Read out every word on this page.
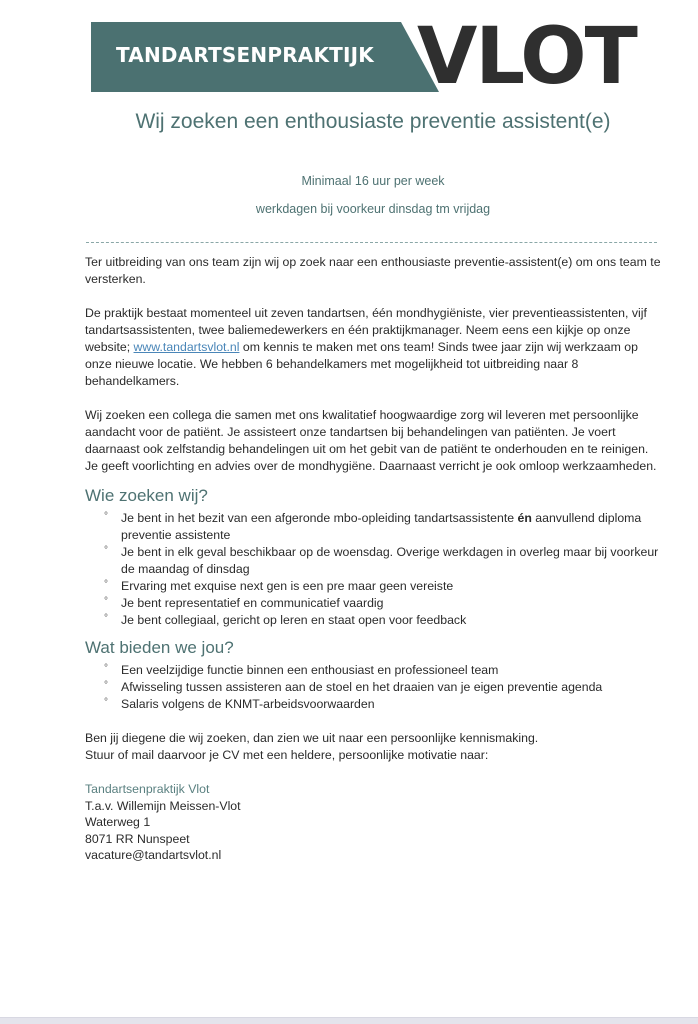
TANDARTSENPRAKTIJK VLOT
Wij zoeken een enthousiaste preventie assistent(e)
Minimaal 16 uur per week
werkdagen bij voorkeur dinsdag tm vrijdag

Ter uitbreiding van ons team zijn wij op zoek naar een enthousiaste preventie-assistent(e) om ons team te versterken.

De praktijk bestaat momenteel uit zeven tandartsen, één mondhygiëniste, vier preventieassistenten, vijf tandartsassistenten, twee baliemedewerkers en één praktijkmanager. Neem eens een kijkje op onze website; www.tandartsvlot.nl om kennis te maken met ons team! Sinds twee jaar zijn wij werkzaam op onze nieuwe locatie. We hebben 6 behandelkamers met mogelijkheid tot uitbreiding naar 8 behandelkamers.

Wij zoeken een collega die samen met ons kwalitatief hoogwaardige zorg wil leveren met persoonlijke aandacht voor de patiënt. Je assisteert onze tandartsen bij behandelingen van patiënten. Je voert daarnaast ook zelfstandig behandelingen uit om het gebit van de patiënt te onderhouden en te reinigen. Je geeft voorlichting en advies over de mondhygiëne. Daarnaast verricht je ook omloop werkzaamheden.

Wie zoeken wij?
° Je bent in het bezit van een afgeronde mbo-opleiding tandartsassistente én aanvullend diploma preventie assistente
° Je bent in elk geval beschikbaar op de woensdag. Overige werkdagen in overleg maar bij voorkeur de maandag of dinsdag
° Ervaring met exquise next gen is een pre maar geen vereiste
° Je bent representatief en communicatief vaardig
° Je bent collegiaal, gericht op leren en staat open voor feedback
Wat bieden we jou?
° Een veelzijdige functie binnen een enthousiast en professioneel team
° Afwisseling tussen assisteren aan de stoel en het draaien van je eigen preventie agenda
° Salaris volgens de KNMT-arbeidsvoorwaarden
Ben jij diegene die wij zoeken, dan zien we uit naar een persoonlijke kennismaking.
Stuur of mail daarvoor je CV met een heldere, persoonlijke motivatie naar:
Tandartsenpraktijk Vlot
T.a.v. Willemijn Meissen-Vlot
Waterweg 1
8071 RR Nunspeet
vacature@tandartsvlot.nl
